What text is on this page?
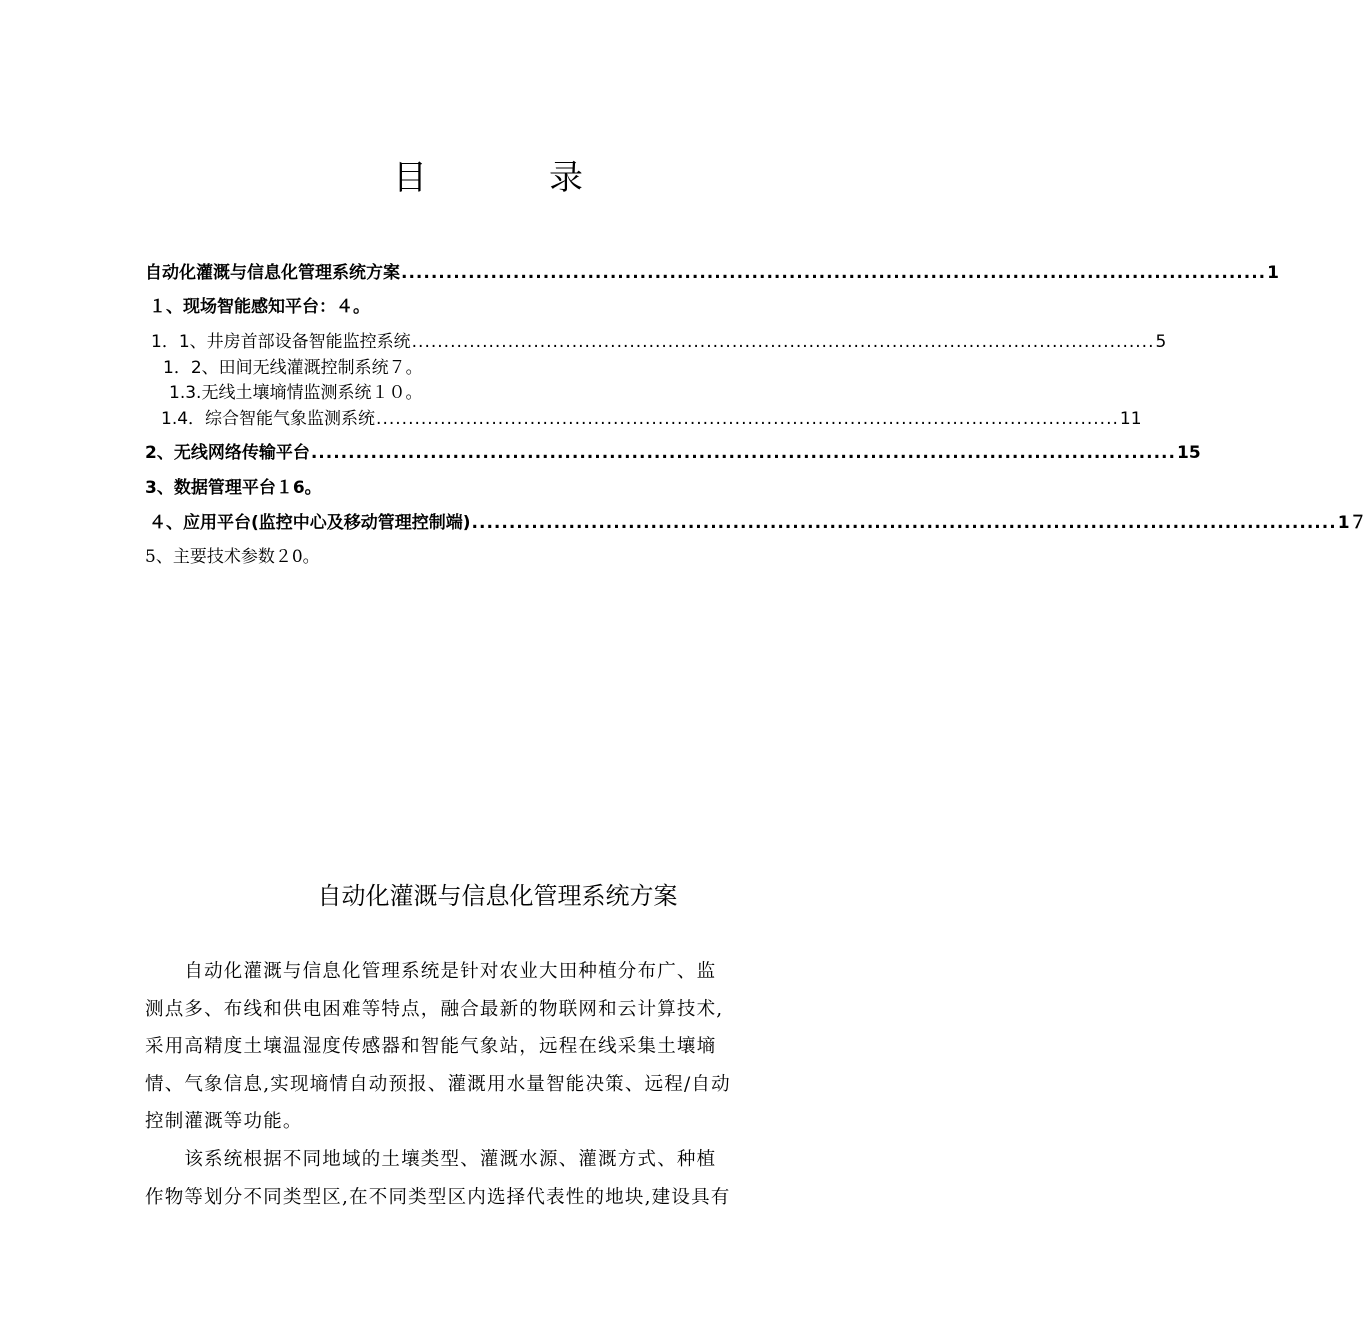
目　录
自动化灌溉与信息化管理系统方案 .................................................................................................................... 1
１、现场智能感知平台：４。
1．1、井房首部设备智能监控系统 .................................................................................................................... 5
1．2、田间无线灌溉控制系统７。
1.3.无线土壤墒情监测系统１０。
1.4．综合智能气象监测系统 .................................................................................................................... 11
2、无线网络传输平台 .................................................................................................................... 15
3、数据管理平台１6。
４、应用平台(监控中心及移动管理控制端) .................................................................................................................... 1７
5、主要技术参数２0。
自动化灌溉与信息化管理系统方案

　　自动化灌溉与信息化管理系统是针对农业大田种植分布广、监
测点多、布线和供电困难等特点，融合最新的物联网和云计算技术,
采用高精度土壤温湿度传感器和智能气象站，远程在线采集土壤墒
情、气象信息,实现墒情自动预报、灌溉用水量智能决策、远程/自动
控制灌溉等功能。

　　该系统根据不同地域的土壤类型、灌溉水源、灌溉方式、种植
作物等划分不同类型区,在不同类型区内选择代表性的地块,建设具有
